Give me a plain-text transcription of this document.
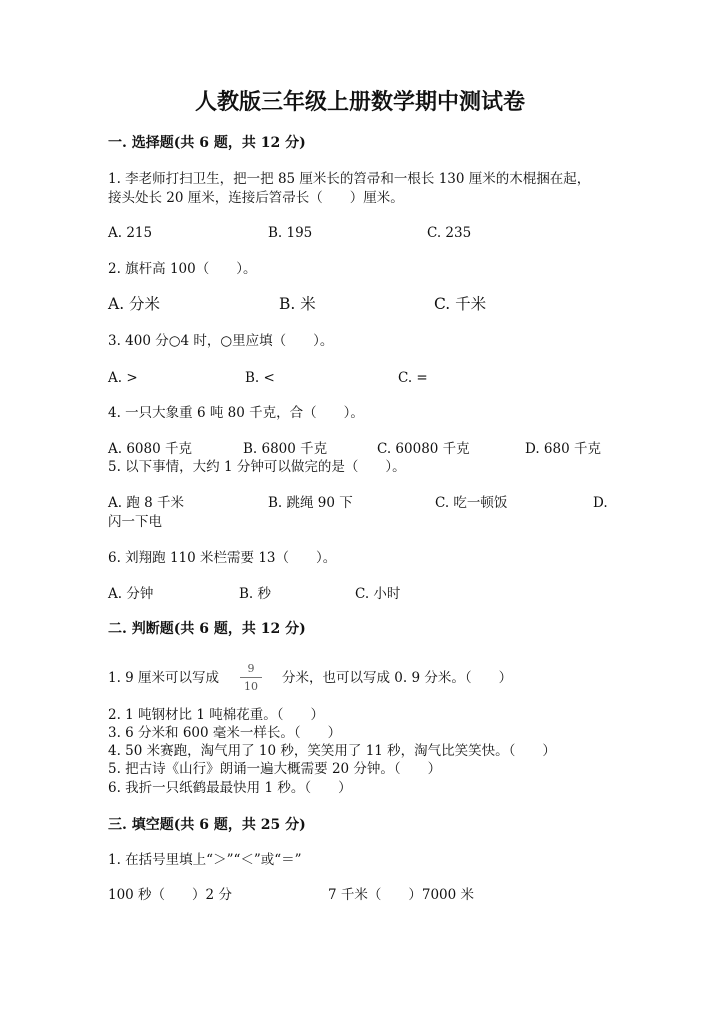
人教版三年级上册数学期中测试卷
一. 选择题(共 6 题，共 12 分)
1. 李老师打扫卫生，把一把 85 厘米长的笤帚和一根长 130 厘米的木棍捆在起，
接头处长 20 厘米，连接后笤帚长（　　）厘米。
A. 215	B. 195	C. 235
2. 旗杆高 100（　　）。
A. 分米	B. 米	C. 千米
3. 400 分○4 时，○里应填（　　）。
A. >	B. <	C. =
4. 一只大象重 6 吨 80 千克，合（　　）。
A. 6080 千克	B. 6800 千克	C. 60080 千克	D. 680 千克
5. 以下事情，大约 1 分钟可以做完的是（　　）。
A. 跑 8 千米	B. 跳绳 90 下	C. 吃一顿饭	D.
闪一下电
6. 刘翔跑 110 米栏需要 13（　　）。
A. 分钟	B. 秒	C. 小时
二. 判断题(共 6 题，共 12 分)
1. 9 厘米可以写成
9
10
分米，也可以写成 0. 9 分米。（　　）
2. 1 吨钢材比 1 吨棉花重。（　　）
3. 6 分米和 600 毫米一样长。（　　）
4. 50 米赛跑，淘气用了 10 秒，笑笑用了 11 秒，淘气比笑笑快。（　　）
5. 把古诗《山行》朗诵一遍大概需要 20 分钟。（　　）
6. 我折一只纸鹤最最快用 1 秒。（　　）
三. 填空题(共 6 题，共 25 分)
1. 在括号里填上“＞”“＜”或“＝”
100 秒（　　）2 分	7 千米（　　）7000 米
